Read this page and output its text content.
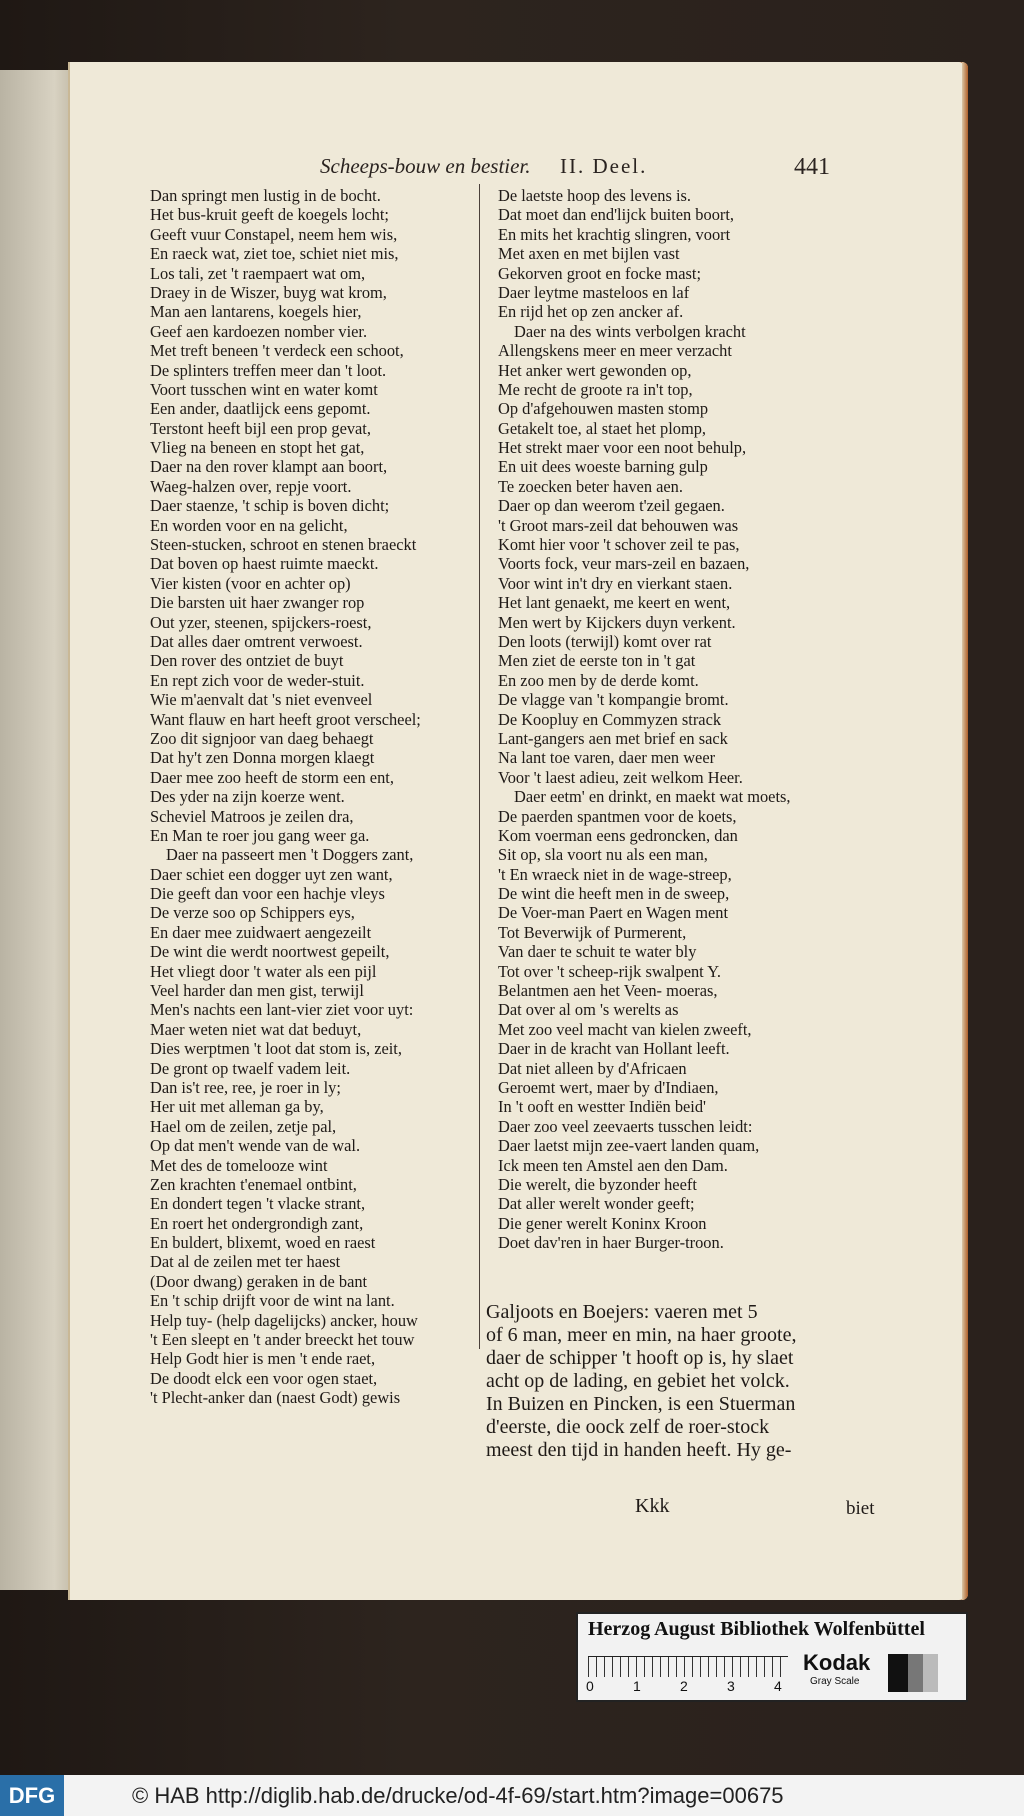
Scheeps-bouw en bestier. II. Deel.	441
Dan springt men lustig in de bocht.
Het bus-kruit geeft de koegels locht;
Geeft vuur Constapel, neem hem wis,
En raeck wat, ziet toe, schiet niet mis,
Los tali, zet 't raempaert wat om,
Draey in de Wiszer, buyg wat krom,
Man aen lantarens, koegels hier,
Geef aen kardoezen nomber vier.
Met treft beneen 't verdeck een schoot,
De splinters treffen meer dan 't loot.
Voort tusschen wint en water komt
Een ander, daatlijck eens gepomt.
Terstont heeft bijl een prop gevat,
Vlieg na beneen en stopt het gat,
Daer na den rover klampt aan boort,
Waeg-halzen over, repje voort.
Daer staenze, 't schip is boven dicht;
En worden voor en na gelicht,
Steen-stucken, schroot en stenen braeckt
Dat boven op haest ruimte maeckt.
Vier kisten (voor en achter op)
Die barsten uit haer zwanger rop
Out yzer, steenen, spijckers-roest,
Dat alles daer omtrent verwoest.
Den rover des ontziet de buyt
En rept zich voor de weder-stuit.
Wie m'aenvalt dat 's niet evenveel
Want flauw en hart heeft groot verscheel;
Zoo dit signjoor van daeg behaegt
Dat hy't zen Donna morgen klaegt
Daer mee zoo heeft de storm een ent,
Des yder na zijn koerze went.
Scheviel Matroos je zeilen dra,
En Man te roer jou gang weer ga.
Daer na passeert men 't Doggers zant,
Daer schiet een dogger uyt zen want,
Die geeft dan voor een hachje vleys
De verze soo op Schippers eys,
En daer mee zuidwaert aengezeilt
De wint die werdt noortwest gepeilt,
Het vliegt door 't water als een pijl
Veel harder dan men gist, terwijl
Men's nachts een lant-vier ziet voor uyt:
Maer weten niet wat dat beduyt,
Dies werptmen 't loot dat stom is, zeit,
De gront op twaelf vadem leit.
Dan is't ree, ree, je roer in ly;
Her uit met alleman ga by,
Hael om de zeilen, zetje pal,
Op dat men't wende van de wal.
Met des de tomelooze wint
Zen krachten t'enemael ontbint,
En dondert tegen 't vlacke strant,
En roert het ondergrondigh zant,
En buldert, blixemt, woed en raest
Dat al de zeilen met ter haest
(Door dwang) geraken in de bant
En 't schip drijft voor de wint na lant.
Help tuy- (help dagelijcks) ancker, houw
't Een sleept en 't ander breeckt het touw
Help Godt hier is men 't ende raet,
De doodt elck een voor ogen staet,
't Plecht-anker dan (naest Godt) gewis
De laetste hoop des levens is.
Dat moet dan end'lijck buiten boort,
En mits het krachtig slingren, voort
Met axen en met bijlen vast
Gekorven groot en focke mast;
Daer leytme masteloos en laf
En rijd het op zen ancker af.
Daer na des wints verbolgen kracht
Allengskens meer en meer verzacht
Het anker wert gewonden op,
Me recht de groote ra in't top,
Op d'afgehouwen masten stomp
Getakelt toe, al staet het plomp,
Het strekt maer voor een noot behulp,
En uit dees woeste barning gulp
Te zoecken beter haven aen.
Daer op dan weerom t'zeil gegaen.
't Groot mars-zeil dat behouwen was
Komt hier voor 't schover zeil te pas,
Voorts fock, veur mars-zeil en bazaen,
Voor wint in't dry en vierkant staen.
Het lant genaekt, me keert en went,
Men wert by Kijckers duyn verkent.
Den loots (terwijl) komt over rat
Men ziet de eerste ton in 't gat
En zoo men by de derde komt.
De vlagge van 't kompangie bromt.
De Koopluy en Commyzen strack
Lant-gangers aen met brief en sack
Na lant toe varen, daer men weer
Voor 't laest adieu, zeit welkom Heer.
Daer eetm' en drinkt, en maekt wat moets,
De paerden spantmen voor de koets,
Kom voerman eens gedroncken, dan
Sit op, sla voort nu als een man,
't En wraeck niet in de wage-streep,
De wint die heeft men in de sweep,
De Voer-man Paert en Wagen ment
Tot Beverwijk of Purmerent,
Van daer te schuit te water bly
Tot over 't scheep-rijk swalpent Y.
Belantmen aen het Veen- moeras,
Dat over al om 's werelts as
Met zoo veel macht van kielen zweeft,
Daer in de kracht van Hollant leeft.
Dat niet alleen by d'Africaen
Geroemt wert, maer by d'Indiaen,
In 't ooft en westter Indiën beid'
Daer zoo veel zeevaerts tusschen leidt:
Daer laetst mijn zee-vaert landen quam,
Ick meen ten Amstel aen den Dam.
Die werelt, die byzonder heeft
Dat aller werelt wonder geeft;
Die gener werelt Koninx Kroon
Doet dav'ren in haer Burger-troon.
Galjoots en Boejers: vaeren met 5
of 6 man, meer en min, na haer groote,
daer de schipper 't hooft op is, hy slaet
acht op de lading, en gebiet het volck.
In Buizen en Pincken, is een Stuerman
d'eerste, die oock zelf de roer-stock
meest den tijd in handen heeft. Hy ge-
Kkk	biet
Herzog August Bibliothek Wolfenbüttel
0	1	2	3	4
Kodak
Gray Scale
DFG	© HAB http://diglib.hab.de/drucke/od-4f-69/start.htm?image=00675
